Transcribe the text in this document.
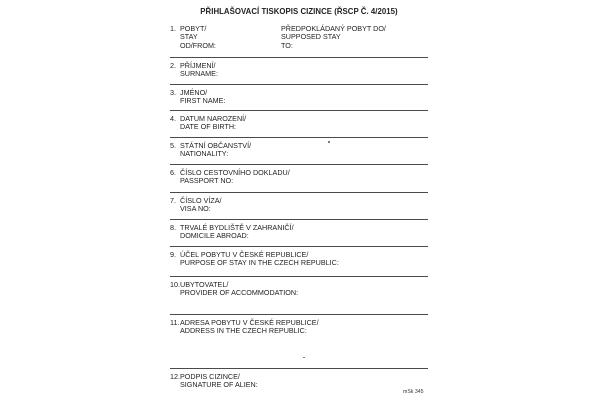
PŘIHLAŠOVACÍ TISKOPIS CIZINCE (ŘSCP Č. 4/2015)
1. POBYT/
STAY
OD/FROM:
PŘEDPOKLÁDANÝ POBYT DO/
SUPPOSED STAY
TO:
2. PŘÍJMENÍ/
SURNAME:
3. JMÉNO/
FIRST NAME:
4. DATUM NAROZENÍ/
DATE OF BIRTH:
5. STÁTNÍ OBČANSTVÍ/
NATIONALITY:
6. ČÍSLO CESTOVNÍHO DOKLADU/
PASSPORT NO:
7. ČÍSLO VÍZA/
VISA NO:
8. TRVALÉ BYDLIŠTĚ V ZAHRANIČÍ/
DOMICILE ABROAD:
9. ÚČEL POBYTU V ČESKÉ REPUBLICE/
PURPOSE OF STAY IN THE CZECH REPUBLIC:
10.UBYTOVATEL/
PROVIDER OF ACCOMMODATION:
11.ADRESA POBYTU V ČESKÉ REPUBLICE/
ADDRESS IN THE CZECH REPUBLIC:
12.PODPIS CIZINCE/
SIGNATURE OF ALIEN:
mSk 345
